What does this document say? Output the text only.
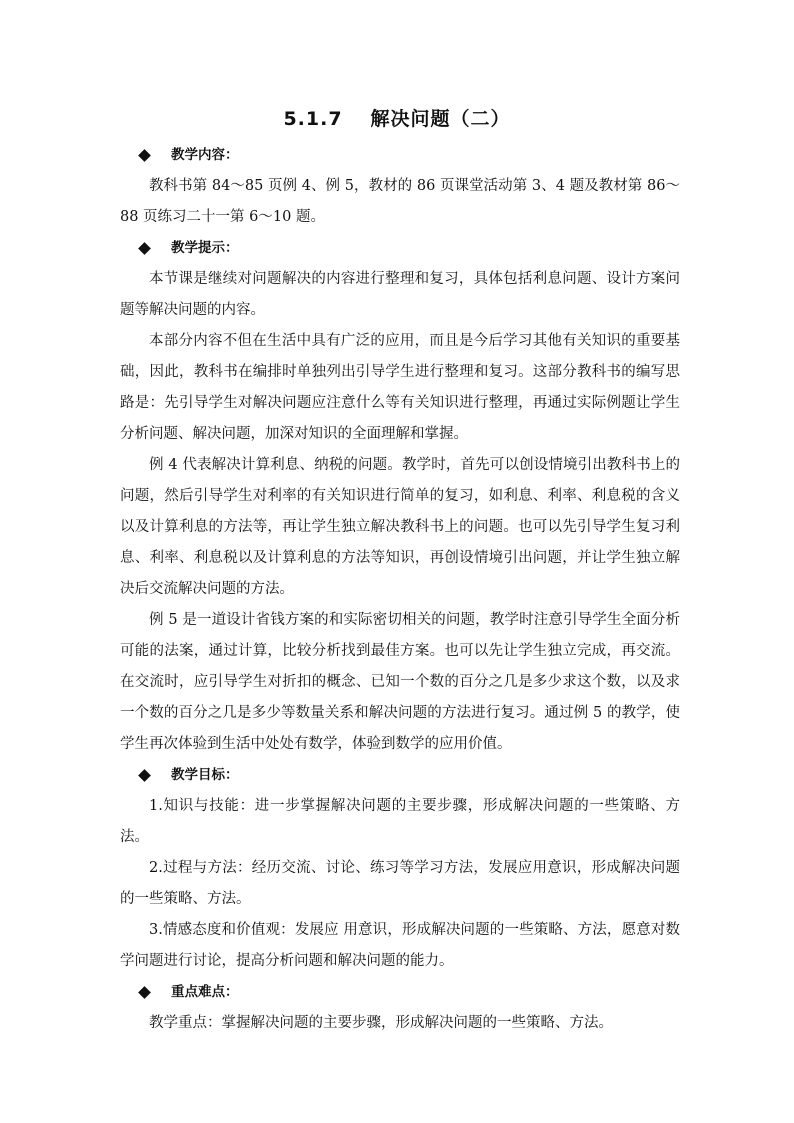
5.1.7 解决问题（二）
教学内容：

教科书第 84～85 页例 4、例 5，教材的 86 页课堂活动第 3、4 题及教材第 86～88 页练习二十一第 6～10 题。

教学提示：

本节课是继续对问题解决的内容进行整理和复习，具体包括利息问题、设计方案问题等解决问题的内容。

本部分内容不但在生活中具有广泛的应用，而且是今后学习其他有关知识的重要基础，因此，教科书在编排时单独列出引导学生进行整理和复习。这部分教科书的编写思路是：先引导学生对解决问题应注意什么等有关知识进行整理，再通过实际例题让学生分析问题、解决问题，加深对知识的全面理解和掌握。

例 4 代表解决计算利息、纳税的问题。教学时，首先可以创设情境引出教科书上的问题，然后引导学生对利率的有关知识进行简单的复习，如利息、利率、利息税的含义以及计算利息的方法等，再让学生独立解决教科书上的问题。也可以先引导学生复习利息、利率、利息税以及计算利息的方法等知识，再创设情境引出问题，并让学生独立解决后交流解决问题的方法。

例 5 是一道设计省钱方案的和实际密切相关的问题，教学时注意引导学生全面分析可能的法案，通过计算，比较分析找到最佳方案。也可以先让学生独立完成，再交流。在交流时，应引导学生对折扣的概念、已知一个数的百分之几是多少求这个数，以及求一个数的百分之几是多少等数量关系和解决问题的方法进行复习。通过例 5 的教学，使学生再次体验到生活中处处有数学，体验到数学的应用价值。

教学目标：

1.知识与技能：进一步掌握解决问题的主要步骤，形成解决问题的一些策略、方法。

2.过程与方法：经历交流、讨论、练习等学习方法，发展应用意识，形成解决问题的一些策略、方法。

3.情感态度和价值观：发展应 用意识，形成解决问题的一些策略、方法，愿意对数学问题进行讨论，提高分析问题和解决问题的能力。

重点难点：

教学重点：掌握解决问题的主要步骤，形成解决问题的一些策略、方法。
